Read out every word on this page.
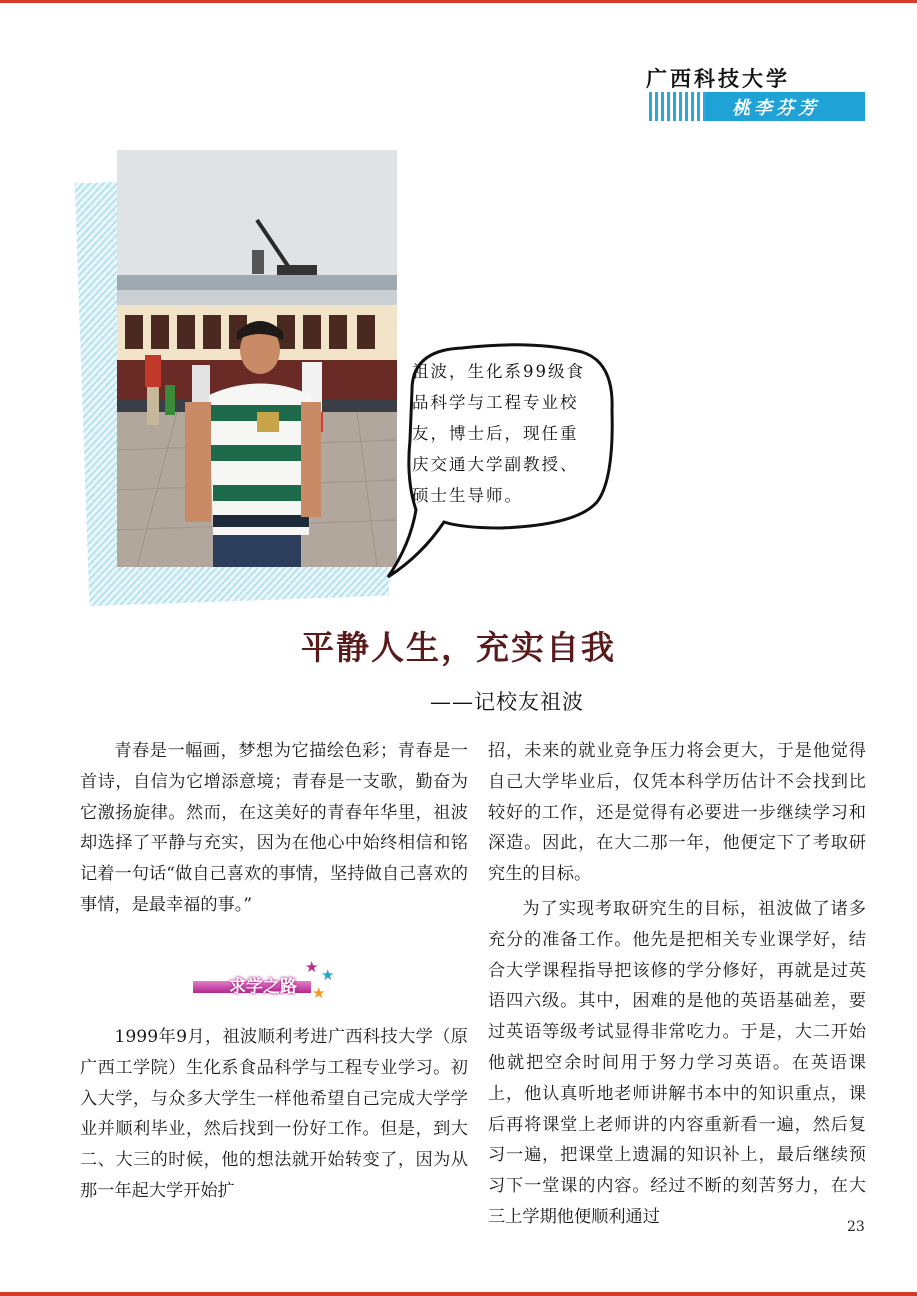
广西科技大学
桃李芬芳
祖波，生化系99级食品科学与工程专业校友，博士后，现任重庆交通大学副教授、硕士生导师。
平静人生，充实自我
——记校友祖波

青春是一幅画，梦想为它描绘色彩；青春是一首诗，自信为它增添意境；青春是一支歌，勤奋为它激扬旋律。然而，在这美好的青春年华里，祖波却选择了平静与充实，因为在他心中始终相信和铭记着一句话“做自己喜欢的事情，坚持做自己喜欢的事情，是最幸福的事。”

求学之路
★ ★
★

1999年9月，祖波顺利考进广西科技大学（原广西工学院）生化系食品科学与工程专业学习。初入大学，与众多大学生一样他希望自己完成大学学业并顺利毕业，然后找到一份好工作。但是，到大二、大三的时候，他的想法就开始转变了，因为从那一年起大学开始扩

招，未来的就业竞争压力将会更大，于是他觉得自己大学毕业后，仅凭本科学历估计不会找到比较好的工作，还是觉得有必要进一步继续学习和深造。因此，在大二那一年，他便定下了考取研究生的目标。

为了实现考取研究生的目标，祖波做了诸多充分的准备工作。他先是把相关专业课学好，结合大学课程指导把该修的学分修好，再就是过英语四六级。其中，困难的是他的英语基础差，要过英语等级考试显得非常吃力。于是，大二开始他就把空余时间用于努力学习英语。在英语课上，他认真听地老师讲解书本中的知识重点，课后再将课堂上老师讲的内容重新看一遍，然后复习一遍，把课堂上遗漏的知识补上，最后继续预习下一堂课的内容。经过不断的刻苦努力，在大三上学期他便顺利通过

23
